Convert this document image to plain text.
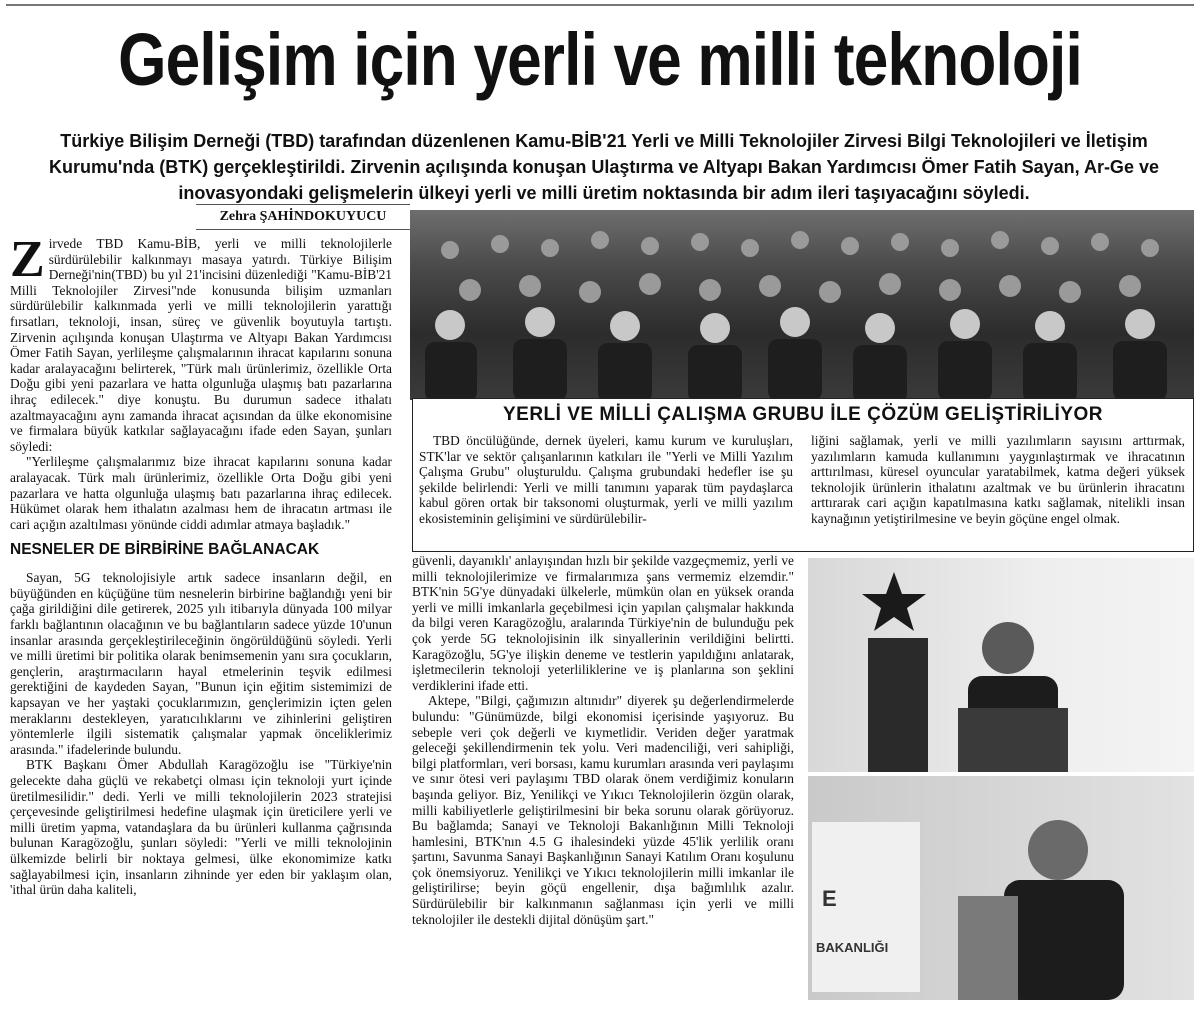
Gelişim için yerli ve milli teknoloji
Türkiye Bilişim Derneği (TBD) tarafından düzenlenen Kamu-BİB'21 Yerli ve Milli Teknolojiler Zirvesi Bilgi Teknolojileri ve İletişim Kurumu'nda (BTK) gerçekleştirildi. Zirvenin açılışında konuşan Ulaştırma ve Altyapı Bakan Yardımcısı Ömer Fatih Sayan, Ar-Ge ve inovasyondaki gelişmelerin ülkeyi yerli ve milli üretim noktasında bir adım ileri taşıyacağını söyledi.
Zehra ŞAHİNDOKUYUCU

Zirvede TBD Kamu-BİB, yerli ve milli teknolojilerle sürdürülebilir kalkınmayı masaya yatırdı. Türkiye Bilişim Derneği'nin(TBD) bu yıl 21'incisini düzenlediği "Kamu-BİB'21 Milli Teknolojiler Zirvesi"nde konusunda bilişim uzmanları sürdürülebilir kalkınmada yerli ve milli teknolojilerin yarattığı fırsatları, teknoloji, insan, süreç ve güvenlik boyutuyla tartıştı. Zirvenin açılışında konuşan Ulaştırma ve Altyapı Bakan Yardımcısı Ömer Fatih Sayan, yerlileşme çalışmalarının ihracat kapılarını sonuna kadar aralayacağını belirterek, "Türk malı ürünlerimiz, özellikle Orta Doğu gibi yeni pazarlara ve hatta olgunluğa ulaşmış batı pazarlarına ihraç edilecek." diye konuştu. Bu durumun sadece ithalatı azaltmayacağını aynı zamanda ihracat açısından da ülke ekonomisine ve firmalara büyük katkılar sağlayacağını ifade eden Sayan, şunları söyledi:

"Yerlileşme çalışmalarımız bize ihracat kapılarını sonuna kadar aralayacak. Türk malı ürünlerimiz, özellikle Orta Doğu gibi yeni pazarlara ve hatta olgunluğa ulaşmış batı pazarlarına ihraç edilecek. Hükümet olarak hem ithalatın azalması hem de ihracatın artması ile cari açığın azaltılması yönünde ciddi adımlar atmaya başladık."

NESNELER DE BİRBİRİNE BAĞLANACAK

Sayan, 5G teknolojisiyle artık sadece insanların değil, en büyüğünden en küçüğüne tüm nesnelerin birbirine bağlandığı yeni bir çağa girildiğini dile getirerek, 2025 yılı itibarıyla dünyada 100 milyar farklı bağlantının olacağının ve bu bağlantıların sadece yüzde 10'unun insanlar arasında gerçekleştirileceğinin öngörüldüğünü söyledi. Yerli ve milli üretimi bir politika olarak benimsemenin yanı sıra çocukların, gençlerin, araştırmacıların hayal etmelerinin teşvik edilmesi gerektiğini de kaydeden Sayan, "Bunun için eğitim sistemimizi de kapsayan ve her yaştaki çocuklarımızın, gençlerimizin içten gelen meraklarını destekleyen, yaratıcılıklarını ve zihinlerini geliştiren yöntemlerle ilgili sistematik çalışmalar yapmak önceliklerimiz arasında." ifadelerinde bulundu.

BTK Başkanı Ömer Abdullah Karagözoğlu ise "Türkiye'nin gelecekte daha güçlü ve rekabetçi olması için teknoloji yurt içinde üretilmesilidir." dedi. Yerli ve milli teknolojilerin 2023 stratejisi çerçevesinde geliştirilmesi hedefine ulaşmak için üreticilere yerli ve milli üretim yapma, vatandaşlara da bu ürünleri kullanma çağrısında bulunan Karagözoğlu, şunları söyledi: "Yerli ve milli teknolojinin ülkemizde belirli bir noktaya gelmesi, ülke ekonomimize katkı sağlayabilmesi için, insanların zihninde yer eden bir yaklaşım olan, 'ithal ürün daha kaliteli,

YERLİ VE MİLLİ ÇALIŞMA GRUBU İLE ÇÖZÜM GELİŞTİRİLİYOR

TBD öncülüğünde, dernek üyeleri, kamu kurum ve kuruluşları, STK'lar ve sektör çalışanlarının katkıları ile "Yerli ve Milli Yazılım Çalışma Grubu" oluşturuldu. Çalışma grubundaki hedefler ise şu şekilde belirlendi: Yerli ve milli tanımını yaparak tüm paydaşlarca kabul gören ortak bir taksonomi oluşturmak, yerli ve milli yazılım ekosisteminin gelişimini ve sürdürülebilir-

liğini sağlamak, yerli ve milli yazılımların sayısını arttırmak, yazılımların kamuda kullanımını yaygınlaştırmak ve ihracatının arttırılması, küresel oyuncular yaratabilmek, katma değeri yüksek teknolojik ürünlerin ithalatını azaltmak ve bu ürünlerin ihracatını arttırarak cari açığın kapatılmasına katkı sağlamak, nitelikli insan kaynağının yetiştirilmesine ve beyin göçüne engel olmak.

güvenli, dayanıklı' anlayışından hızlı bir şekilde vazgeçmemiz, yerli ve milli teknolojilerimize ve firmalarımıza şans vermemiz elzemdir." BTK'nin 5G'ye dünyadaki ülkelerle, mümkün olan en yüksek oranda yerli ve milli imkanlarla geçebilmesi için yapılan çalışmalar hakkında da bilgi veren Karagözoğlu, aralarında Türkiye'nin de bulunduğu pek çok yerde 5G teknolojisinin ilk sinyallerinin verildiğini belirtti. Karagözoğlu, 5G'ye ilişkin deneme ve testlerin yapıldığını anlatarak, işletmecilerin teknoloji yeterliliklerine ve iş planlarına son şeklini verdiklerini ifade etti.

Aktepe, "Bilgi, çağımızın altınıdır" diyerek şu değerlendirmelerde bulundu: "Günümüzde, bilgi ekonomisi içerisinde yaşıyoruz. Bu sebeple veri çok değerli ve kıymetlidir. Veriden değer yaratmak geleceği şekillendirmenin tek yolu. Veri madenciliği, veri sahipliği, bilgi platformları, veri borsası, kamu kurumları arasında veri paylaşımı ve sınır ötesi veri paylaşımı TBD olarak önem verdiğimiz konuların başında geliyor. Biz, Yenilikçi ve Yıkıcı Teknolojilerin özgün olarak, milli kabiliyetlerle geliştirilmesini bir beka sorunu olarak görüyoruz. Bu bağlamda; Sanayi ve Teknoloji Bakanlığının Milli Teknoloji hamlesini, BTK'nın 4.5 G ihalesindeki yüzde 45'lik yerlilik oranı şartını, Savunma Sanayi Başkanlığının Sanayi Katılım Oranı koşulunu çok önemsiyoruz. Yenilikçi ve Yıkıcı teknolojilerin milli imkanlar ile geliştirilirse; beyin göçü engellenir, dışa bağımlılık azalır. Sürdürülebilir bir kalkınmanın sağlanması için yerli ve milli teknolojiler ile destekli dijital dönüşüm şart."

E
BAKANLIĞI
